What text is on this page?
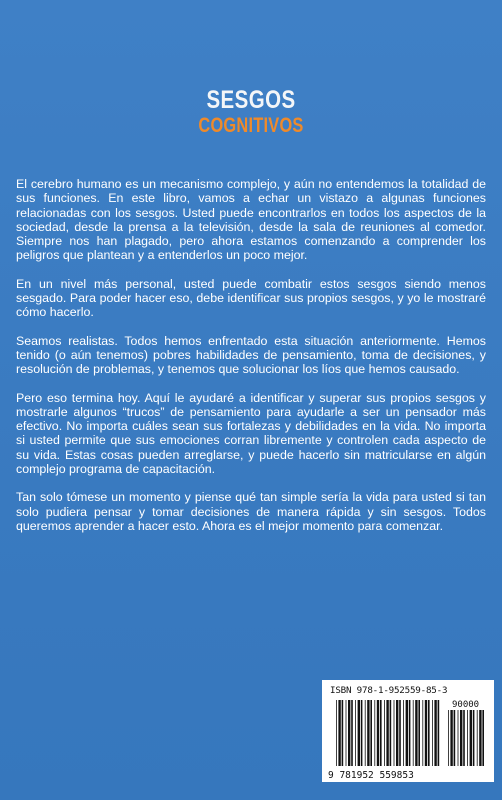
SESGOS
COGNITIVOS

El cerebro humano es un mecanismo complejo, y aún no entendemos la totalidad de sus funciones. En este libro, vamos a echar un vistazo a algunas funciones relacionadas con los sesgos. Usted puede encontrarlos en todos los aspectos de la sociedad, desde la prensa a la televisión, desde la sala de reuniones al comedor. Siempre nos han plagado, pero ahora estamos comenzando a comprender los peligros que plantean y a entenderlos un poco mejor.

En un nivel más personal, usted puede combatir estos sesgos siendo menos sesgado. Para poder hacer eso, debe identificar sus propios sesgos, y yo le mostraré cómo hacerlo.

Seamos realistas. Todos hemos enfrentado esta situación anteriormente. Hemos tenido (o aún tenemos) pobres habilidades de pensamiento, toma de decisiones, y resolución de problemas, y tenemos que solucionar los líos que hemos causado.

Pero eso termina hoy. Aquí le ayudaré a identificar y superar sus propios sesgos y mostrarle algunos “trucos” de pensamiento para ayudarle a ser un pensador más efectivo. No importa cuáles sean sus fortalezas y debilidades en la vida. No importa si usted permite que sus emociones corran libremente y controlen cada aspecto de su vida. Estas cosas pueden arreglarse, y puede hacerlo sin matricularse en algún complejo programa de capacitación.

Tan solo tómese un momento y piense qué tan simple sería la vida para usted si tan solo pudiera pensar y tomar decisiones de manera rápida y sin sesgos. Todos queremos aprender a hacer esto. Ahora es el mejor momento para comenzar.

ISBN 978-1-952559-85-3
90000
9 781952 559853
